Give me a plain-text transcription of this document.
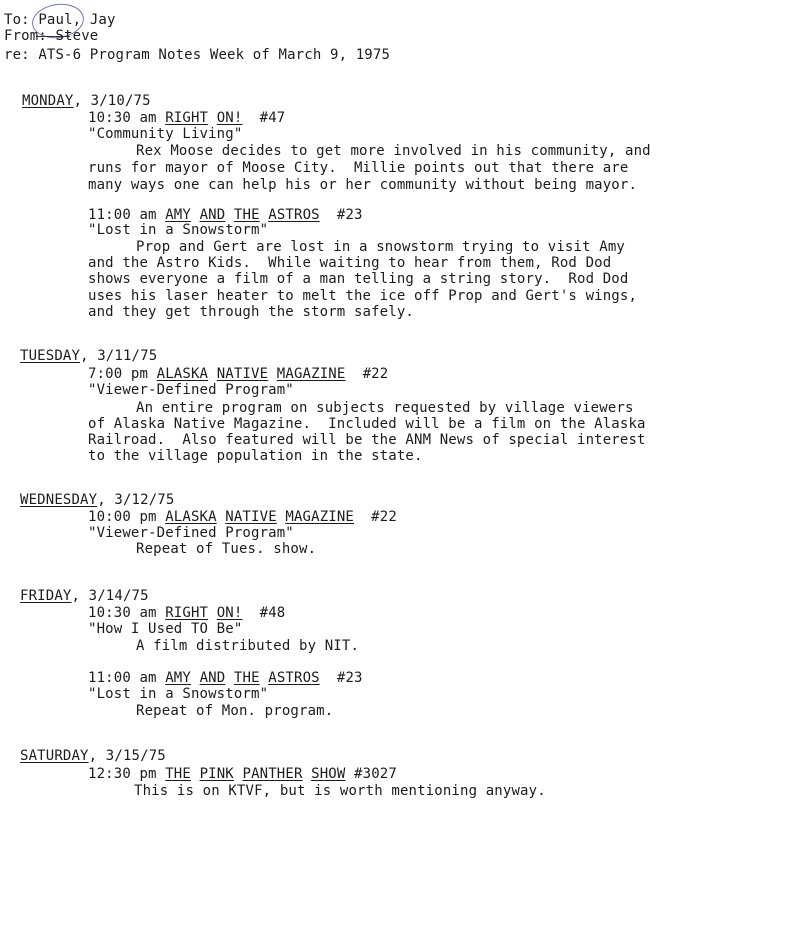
To: Paul, Jay
From: Steve
re: ATS-6 Program Notes Week of March 9, 1975
MONDAY, 3/10/75
10:30 am RIGHT ON!  #47
"Community Living"
Rex Moose decides to get more involved in his community, and
runs for mayor of Moose City.  Millie points out that there are
many ways one can help his or her community without being mayor.
11:00 am AMY AND THE ASTROS  #23
"Lost in a Snowstorm"
Prop and Gert are lost in a snowstorm trying to visit Amy
and the Astro Kids.  While waiting to hear from them, Rod Dod
shows everyone a film of a man telling a string story.  Rod Dod
uses his laser heater to melt the ice off Prop and Gert's wings,
and they get through the storm safely.
TUESDAY, 3/11/75
7:00 pm ALASKA NATIVE MAGAZINE  #22
"Viewer-Defined Program"
An entire program on subjects requested by village viewers
of Alaska Native Magazine.  Included will be a film on the Alaska
Railroad.  Also featured will be the ANM News of special interest
to the village population in the state.
WEDNESDAY, 3/12/75
10:00 pm ALASKA NATIVE MAGAZINE  #22
"Viewer-Defined Program"
Repeat of Tues. show.
FRIDAY, 3/14/75
10:30 am RIGHT ON!  #48
"How I Used TO Be"
A film distributed by NIT.
11:00 am AMY AND THE ASTROS  #23
"Lost in a Snowstorm"
Repeat of Mon. program.
SATURDAY, 3/15/75
12:30 pm THE PINK PANTHER SHOW #3027
This is on KTVF, but is worth mentioning anyway.
